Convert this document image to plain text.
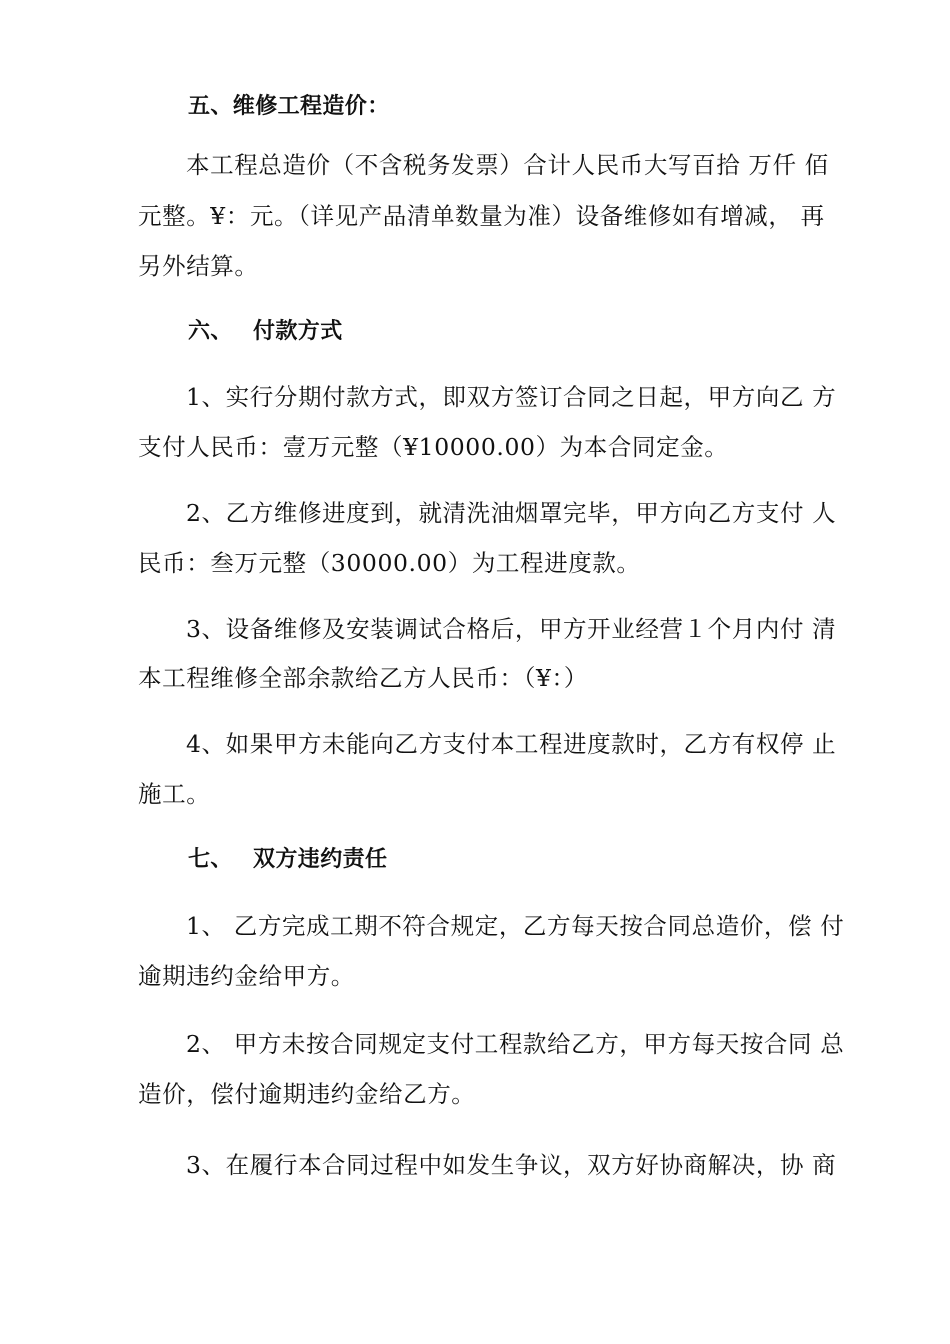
五、维修工程造价：
本工程总造价（不含税务发票）合计人民币大写百拾 万仟 佰
元整。¥：元。（详见产品清单数量为准）设备维修如有增减， 再
另外结算。
六、 付款方式
1、实行分期付款方式，即双方签订合同之日起，甲方向乙 方
支付人民币：壹万元整（¥10000.00）为本合同定金。
2、乙方维修进度到，就清洗油烟罩完毕，甲方向乙方支付 人
民币：叁万元整（30000.00）为工程进度款。
3、设备维修及安装调试合格后，甲方开业经营１个月内付 清
本工程维修全部余款给乙方人民币：（¥：）
4、如果甲方未能向乙方支付本工程进度款时，乙方有权停 止
施工。
七、 双方违约责任
1、 乙方完成工期不符合规定，乙方每天按合同总造价，偿 付
逾期违约金给甲方。
2、 甲方未按合同规定支付工程款给乙方，甲方每天按合同 总
造价，偿付逾期违约金给乙方。
3、在履行本合同过程中如发生争议，双方好协商解决，协 商
